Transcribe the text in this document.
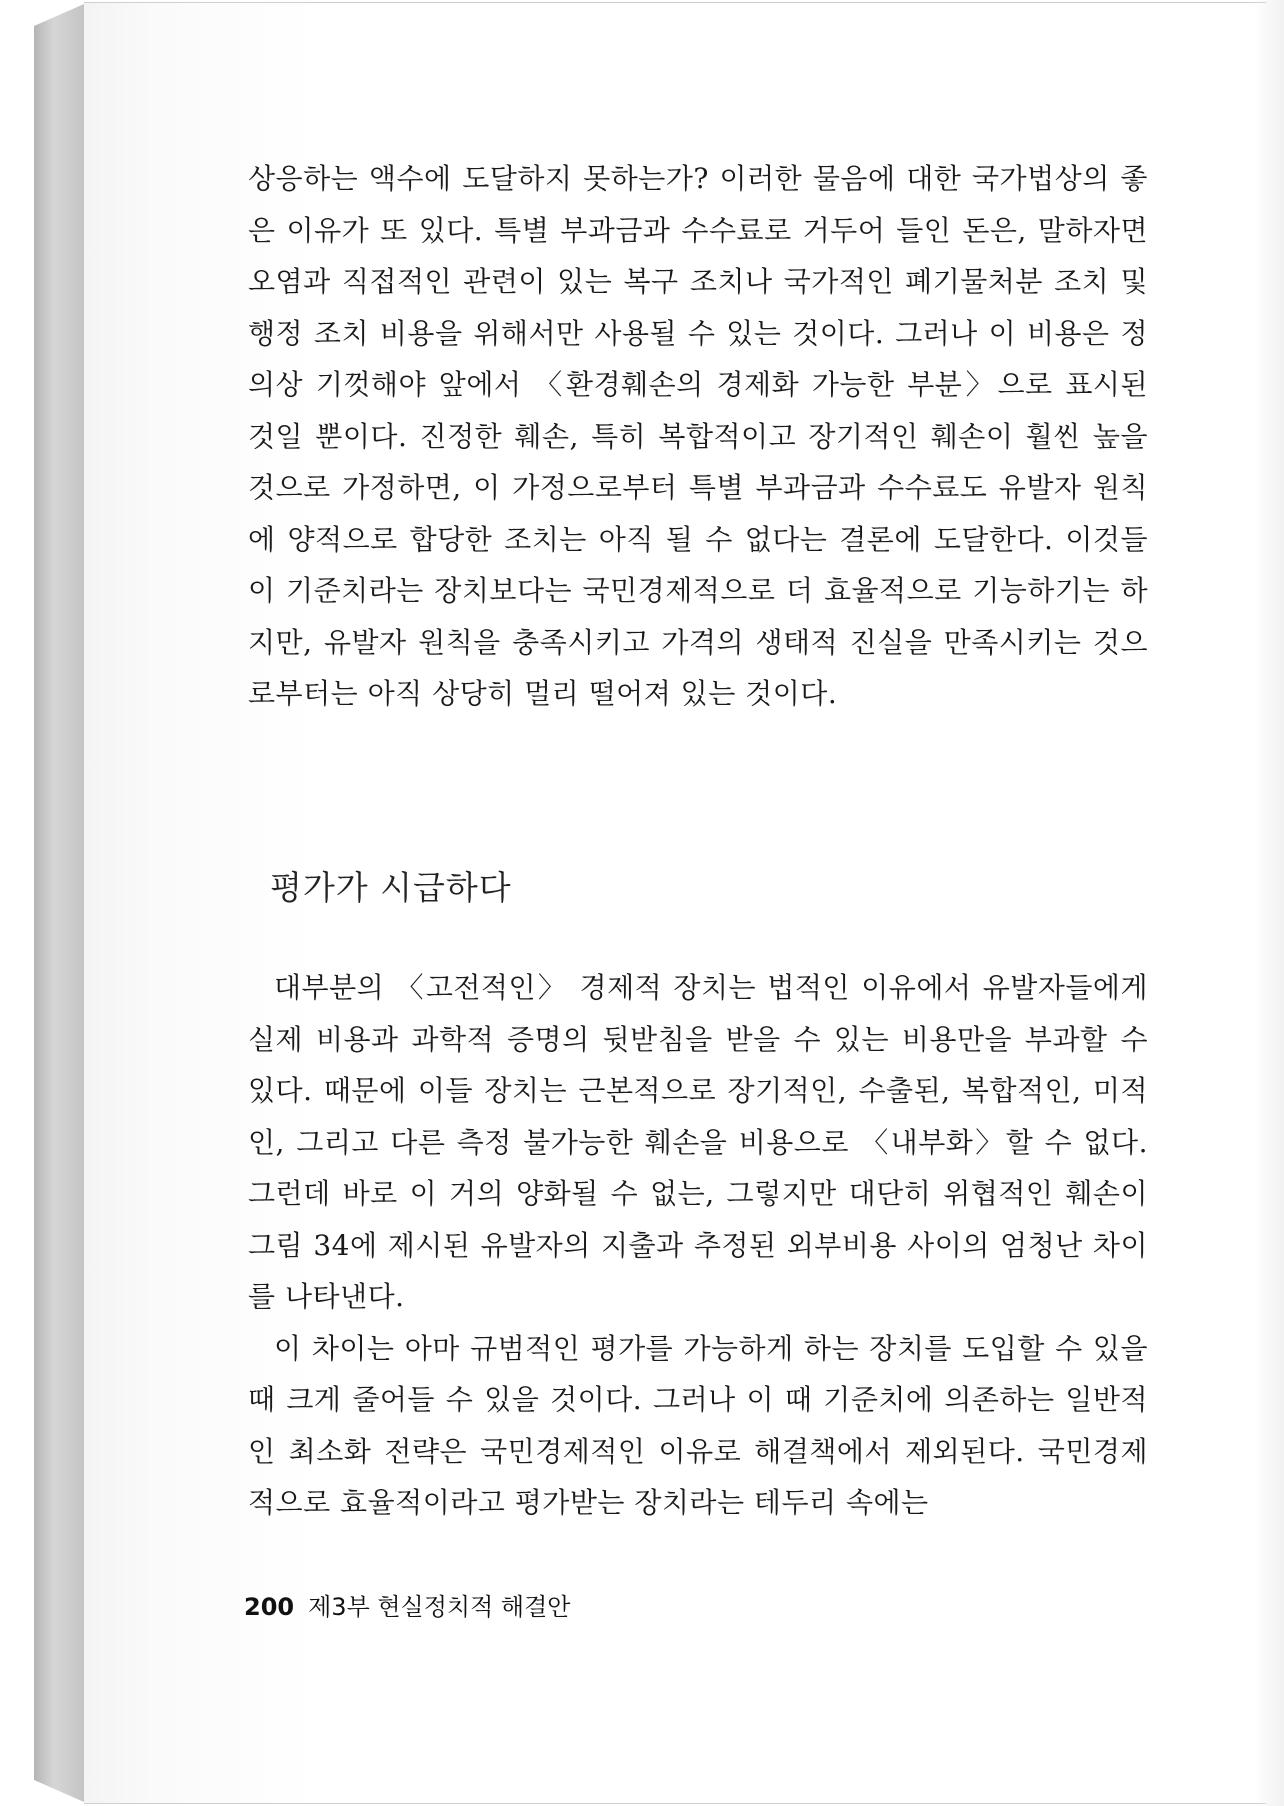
상응하는 액수에 도달하지 못하는가? 이러한 물음에 대한 국가법상의 좋은 이유가 또 있다. 특별 부과금과 수수료로 거두어 들인 돈은, 말하자면 오염과 직접적인 관련이 있는 복구 조치나 국가적인 폐기물처분 조치 및 행정 조치 비용을 위해서만 사용될 수 있는 것이다. 그러나 이 비용은 정의상 기껏해야 앞에서 〈환경훼손의 경제화 가능한 부분〉으로 표시된 것일 뿐이다. 진정한 훼손, 특히 복합적이고 장기적인 훼손이 훨씬 높을 것으로 가정하면, 이 가정으로부터 특별 부과금과 수수료도 유발자 원칙에 양적으로 합당한 조치는 아직 될 수 없다는 결론에 도달한다. 이것들이 기준치라는 장치보다는 국민경제적으로 더 효율적으로 기능하기는 하지만, 유발자 원칙을 충족시키고 가격의 생태적 진실을 만족시키는 것으로부터는 아직 상당히 멀리 떨어져 있는 것이다.

평가가 시급하다

대부분의 〈고전적인〉 경제적 장치는 법적인 이유에서 유발자들에게 실제 비용과 과학적 증명의 뒷받침을 받을 수 있는 비용만을 부과할 수 있다. 때문에 이들 장치는 근본적으로 장기적인, 수출된, 복합적인, 미적인, 그리고 다른 측정 불가능한 훼손을 비용으로 〈내부화〉할 수 없다. 그런데 바로 이 거의 양화될 수 없는, 그렇지만 대단히 위협적인 훼손이 그림 34에 제시된 유발자의 지출과 추정된 외부비용 사이의 엄청난 차이를 나타낸다.

이 차이는 아마 규범적인 평가를 가능하게 하는 장치를 도입할 수 있을 때 크게 줄어들 수 있을 것이다. 그러나 이 때 기준치에 의존하는 일반적인 최소화 전략은 국민경제적인 이유로 해결책에서 제외된다. 국민경제적으로 효율적이라고 평가받는 장치라는 테두리 속에는

200 제3부 현실정치적 해결안
